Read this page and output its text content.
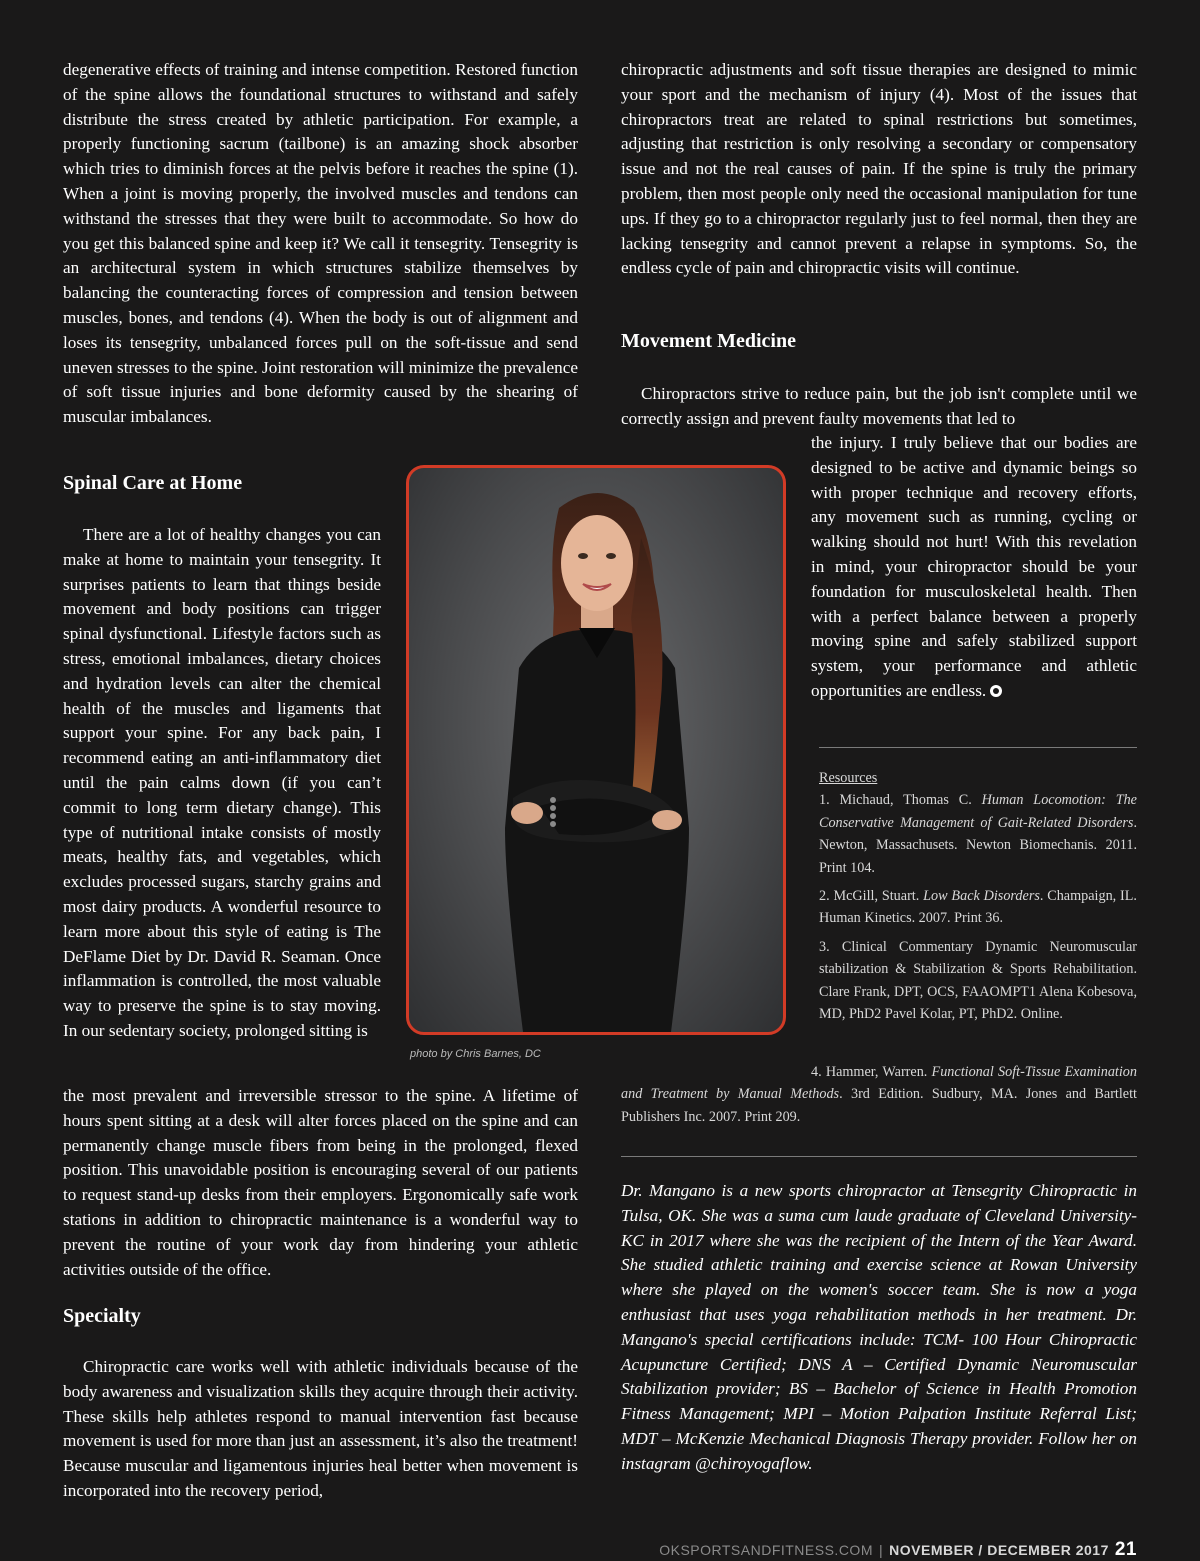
degenerative effects of training and intense competition. Restored function of the spine allows the foundational structures to withstand and safely distribute the stress created by athletic participation. For example, a properly functioning sacrum (tailbone) is an amazing shock absorber which tries to diminish forces at the pelvis before it reaches the spine (1). When a joint is moving properly, the involved muscles and tendons can withstand the stresses that they were built to accommodate. So how do you get this balanced spine and keep it? We call it tensegrity. Tensegrity is an architectural system in which structures stabilize themselves by balancing the counteracting forces of compression and tension between muscles, bones, and tendons (4). When the body is out of alignment and loses its tensegrity, unbalanced forces pull on the soft-tissue and send uneven stresses to the spine. Joint restoration will minimize the prevalence of soft tissue injuries and bone deformity caused by the shearing of muscular imbalances.

Spinal Care at Home

There are a lot of healthy changes you can make at home to maintain your tensegrity. It surprises patients to learn that things beside movement and body positions can trigger spinal dysfunctional. Lifestyle factors such as stress, emotional imbalances, dietary choices and hydration levels can alter the chemical health of the muscles and ligaments that support your spine. For any back pain, I recommend eating an anti-inflammatory diet until the pain calms down (if you can’t commit to long term dietary change). This type of nutritional intake consists of mostly meats, healthy fats, and vegetables, which excludes processed sugars, starchy grains and most dairy products. A wonderful resource to learn more about this style of eating is The DeFlame Diet by Dr. David R. Seaman. Once inflammation is controlled, the most valuable way to preserve the spine is to stay moving. In our sedentary society, prolonged sitting is

photo by Chris Barnes, DC

the most prevalent and irreversible stressor to the spine. A lifetime of hours spent sitting at a desk will alter forces placed on the spine and can permanently change muscle fibers from being in the prolonged, flexed position. This unavoidable position is encouraging several of our patients to request stand-up desks from their employers. Ergonomically safe work stations in addition to chiropractic maintenance is a wonderful way to prevent the routine of your work day from hindering your athletic activities outside of the office.

Specialty

Chiropractic care works well with athletic individuals because of the body awareness and visualization skills they acquire through their activity. These skills help athletes respond to manual intervention fast because movement is used for more than just an assessment, it’s also the treatment! Because muscular and ligamentous injuries heal better when movement is incorporated into the recovery period,

chiropractic adjustments and soft tissue therapies are designed to mimic your sport and the mechanism of injury (4). Most of the issues that chiropractors treat are related to spinal restrictions but sometimes, adjusting that restriction is only resolving a secondary or compensatory issue and not the real causes of pain. If the spine is truly the primary problem, then most people only need the occasional manipulation for tune ups. If they go to a chiropractor regularly just to feel normal, then they are lacking tensegrity and cannot prevent a relapse in symptoms. So, the endless cycle of pain and chiropractic visits will continue.

Movement Medicine

Chiropractors strive to reduce pain, but the job isn't complete until we correctly assign and prevent faulty movements that led to

the injury. I truly believe that our bodies are designed to be active and dynamic beings so with proper technique and recovery efforts, any movement such as running, cycling or walking should not hurt! With this revelation in mind, your chiropractor should be your foundation for musculoskeletal health. Then with a perfect balance between a properly moving spine and safely stabilized support system, your performance and athletic opportunities are endless.

Resources

1. Michaud, Thomas C. Human Locomotion: The Conservative Management of Gait-Related Disorders. Newton, Massachusets. Newton Biomechanis. 2011. Print 104.

2. McGill, Stuart. Low Back Disorders. Champaign, IL. Human Kinetics. 2007. Print 36.

3. Clinical Commentary Dynamic Neuromuscular stabilization & Stabilization & Sports Rehabilitation. Clare Frank, DPT, OCS, FAAOMPT1 Alena Kobesova, MD, PhD2 Pavel Kolar, PT, PhD2. Online.

4. Hammer, Warren. Functional Soft-Tissue Examination and Treatment by Manual Methods. 3rd Edition. Sudbury, MA. Jones and Bartlett Publishers Inc. 2007. Print 209.

Dr. Mangano is a new sports chiropractor at Tensegrity Chiropractic in Tulsa, OK. She was a suma cum laude graduate of Cleveland University- KC in 2017 where she was the recipient of the Intern of the Year Award. She studied athletic training and exercise science at Rowan University where she played on the women's soccer team. She is now a yoga enthusiast that uses yoga rehabilitation methods in her treatment. Dr. Mangano's special certifications include: TCM- 100 Hour Chiropractic Acupuncture Certified; DNS A – Certified Dynamic Neuromuscular Stabilization provider; BS – Bachelor of Science in Health Promotion Fitness Management; MPI – Motion Palpation Institute Referral List; MDT – McKenzie Mechanical Diagnosis Therapy provider. Follow her on instagram @chiroyogaflow.

OKSPORTSANDFITNESS.COM | NOVEMBER / DECEMBER 2017 21
